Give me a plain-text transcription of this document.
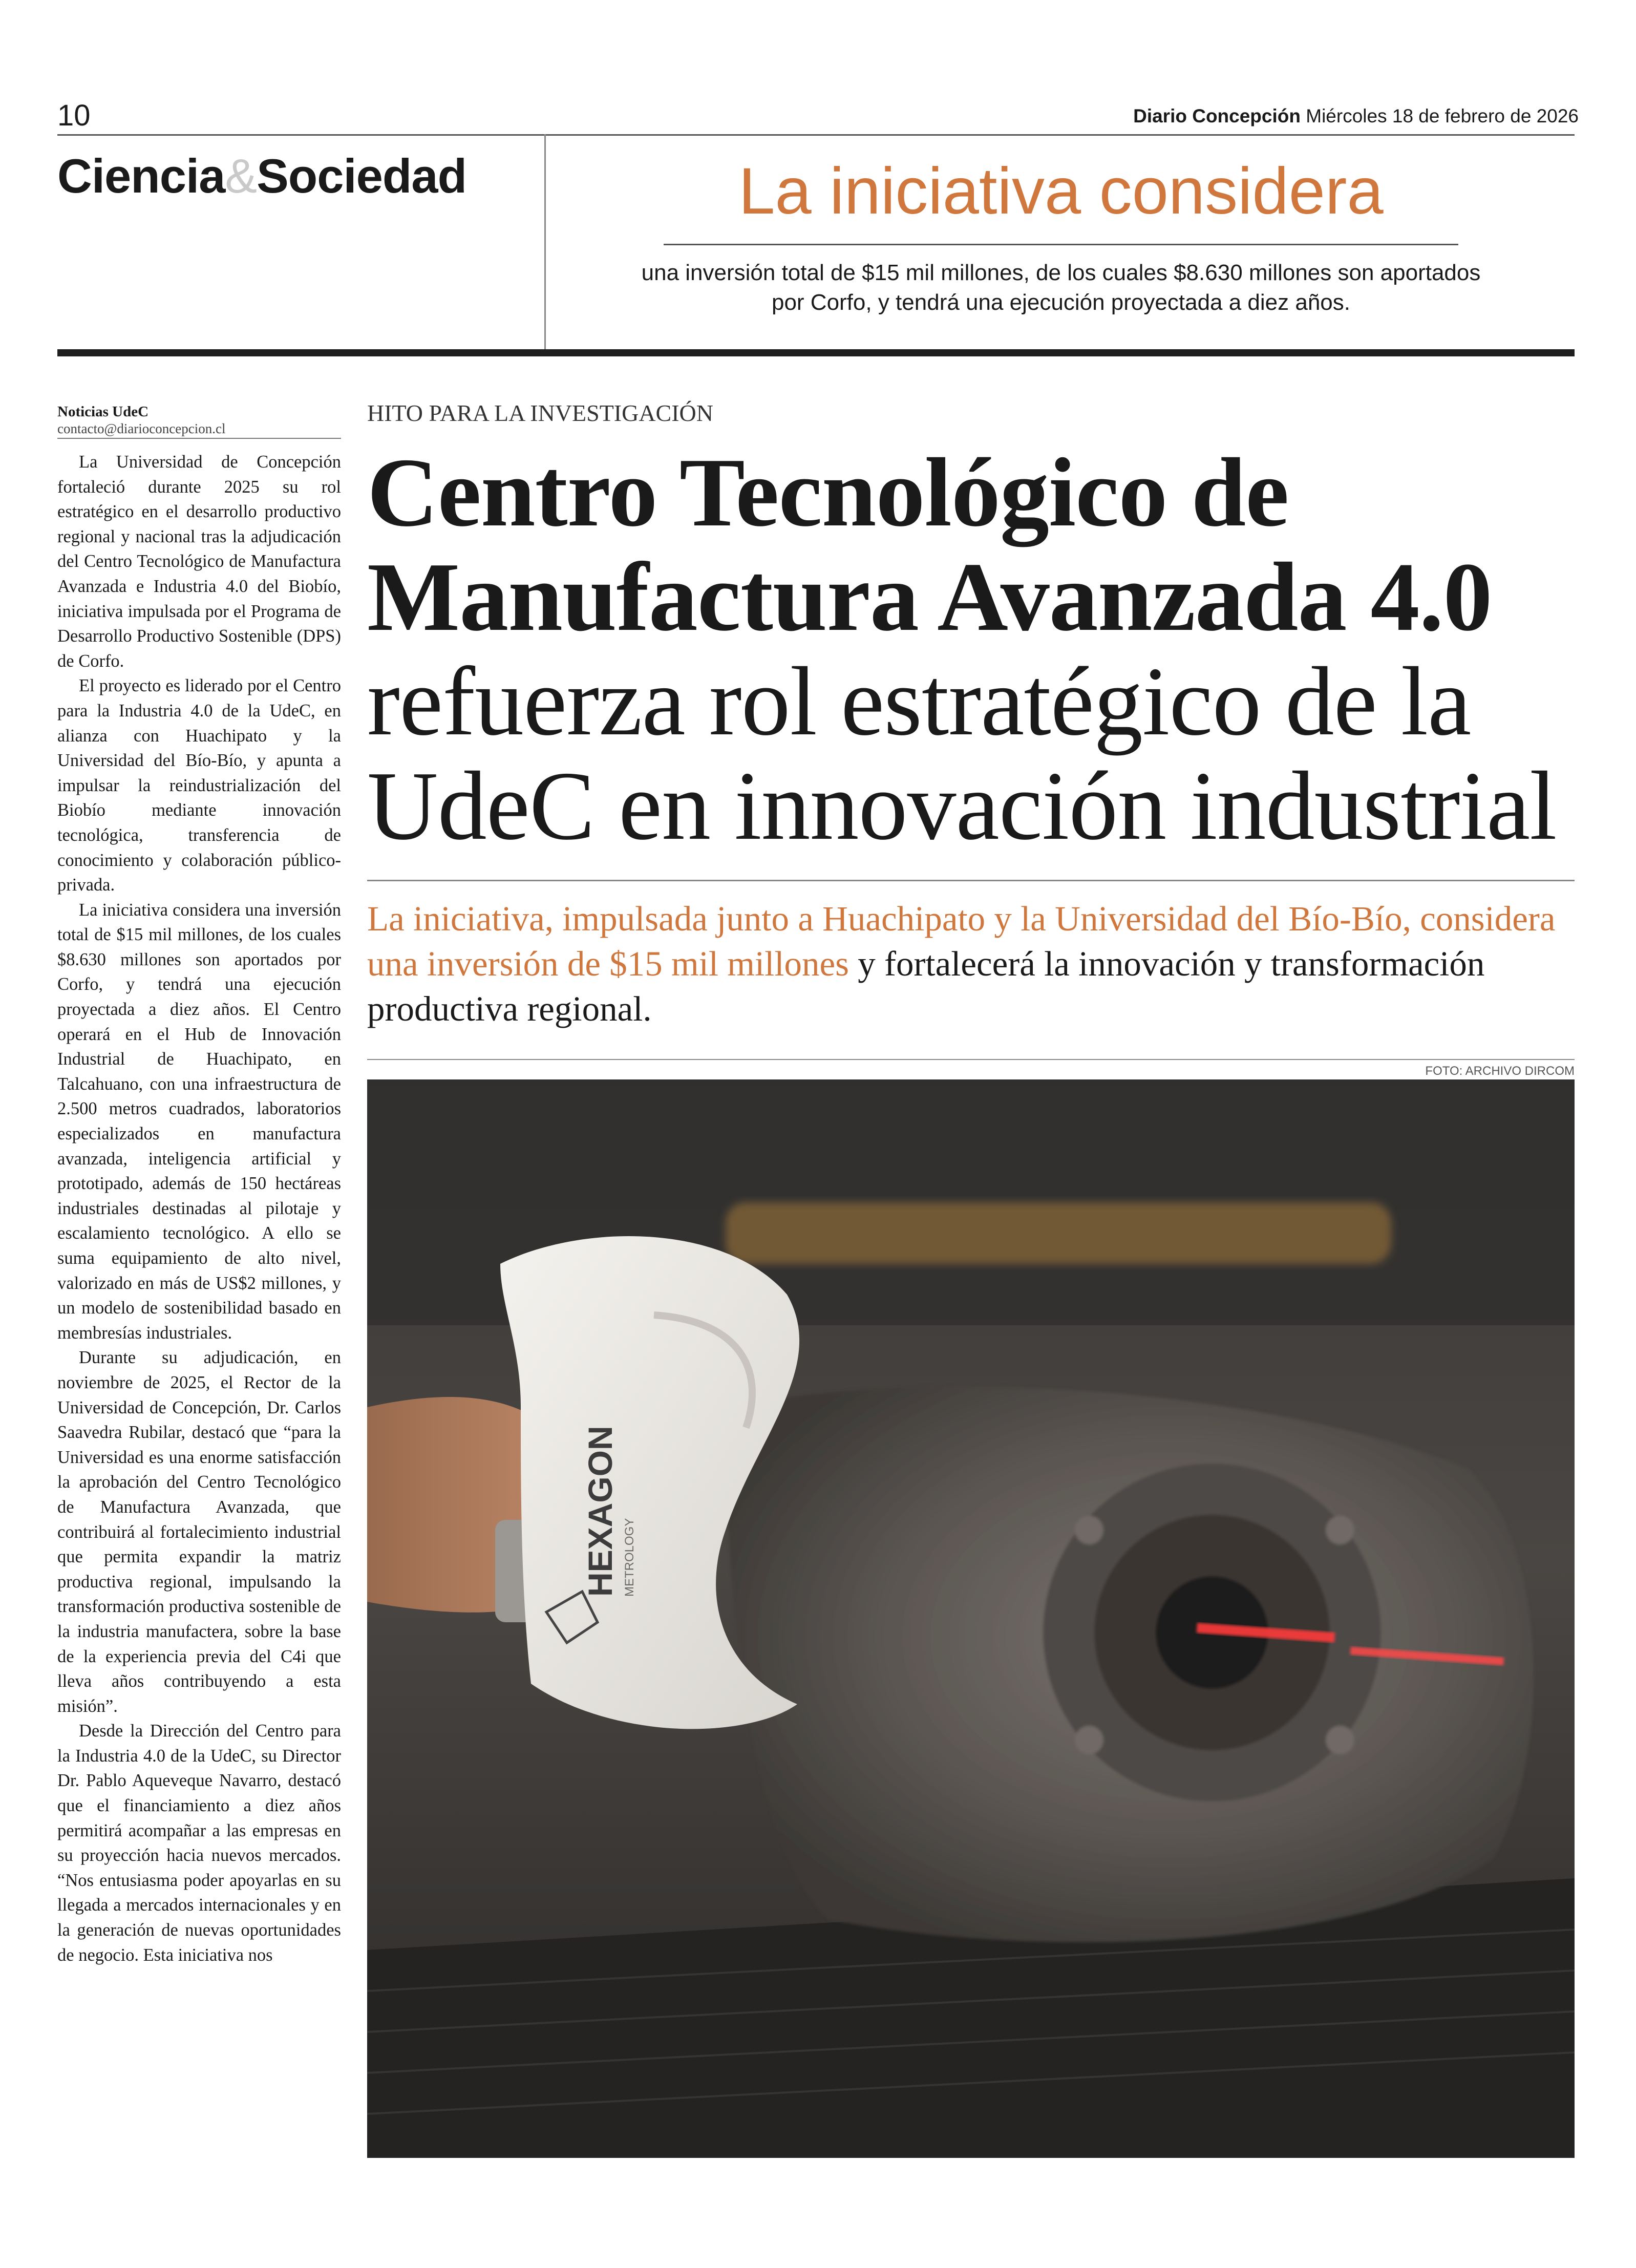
10	Diario Concepción Miércoles 18 de febrero de 2026
Ciencia&Sociedad	La iniciativa considera
una inversión total de $15 mil millones, de los cuales $8.630 millones son aportados por Corfo, y tendrá una ejecución proyectada a diez años.
Noticias UdeC
contacto@diarioconcepcion.cl

La Universidad de Concepción fortaleció durante 2025 su rol estratégico en el desarrollo productivo regional y nacional tras la adjudicación del Centro Tecnológico de Manufactura Avanzada e Industria 4.0 del Biobío, iniciativa impulsada por el Programa de Desarrollo Productivo Sostenible (DPS) de Corfo.

El proyecto es liderado por el Centro para la Industria 4.0 de la UdeC, en alianza con Huachipato y la Universidad del Bío-Bío, y apunta a impulsar la reindustrialización del Biobío mediante innovación tecnológica, transferencia de conocimiento y colaboración público-privada.

La iniciativa considera una inversión total de $15 mil millones, de los cuales $8.630 millones son aportados por Corfo, y tendrá una ejecución proyectada a diez años. El Centro operará en el Hub de Innovación Industrial de Huachipato, en Talcahuano, con una infraestructura de 2.500 metros cuadrados, laboratorios especializados en manufactura avanzada, inteligencia artificial y prototipado, además de 150 hectáreas industriales destinadas al pilotaje y escalamiento tecnológico. A ello se suma equipamiento de alto nivel, valorizado en más de US$2 millones, y un modelo de sostenibilidad basado en membresías industriales.

Durante su adjudicación, en noviembre de 2025, el Rector de la Universidad de Concepción, Dr. Carlos Saavedra Rubilar, destacó que “para la Universidad es una enorme satisfacción la aprobación del Centro Tecnológico de Manufactura Avanzada, que contribuirá al fortalecimiento industrial que permita expandir la matriz productiva regional, impulsando la transformación productiva sostenible de la industria manufactera, sobre la base de la experiencia previa del C4i que lleva años contribuyendo a esta misión”.

Desde la Dirección del Centro para la Industria 4.0 de la UdeC, su Director Dr. Pablo Aqueveque Navarro, destacó que el financiamiento a diez años permitirá acompañar a las empresas en su proyección hacia nuevos mercados. “Nos entusiasma poder apoyarlas en su llegada a mercados internacionales y en la generación de nuevas oportunidades de negocio. Esta iniciativa nos

HITO PARA LA INVESTIGACIÓN
Centro Tecnológico de Manufactura Avanzada 4.0 refuerza rol estratégico de la UdeC en innovación industrial
La iniciativa, impulsada junto a Huachipato y la Universidad del Bío-Bío, considera una inversión de $15 mil millones y fortalecerá la innovación y transformación productiva regional.
FOTO: ARCHIVO DIRCOM
HEXAGON METROLOGY
